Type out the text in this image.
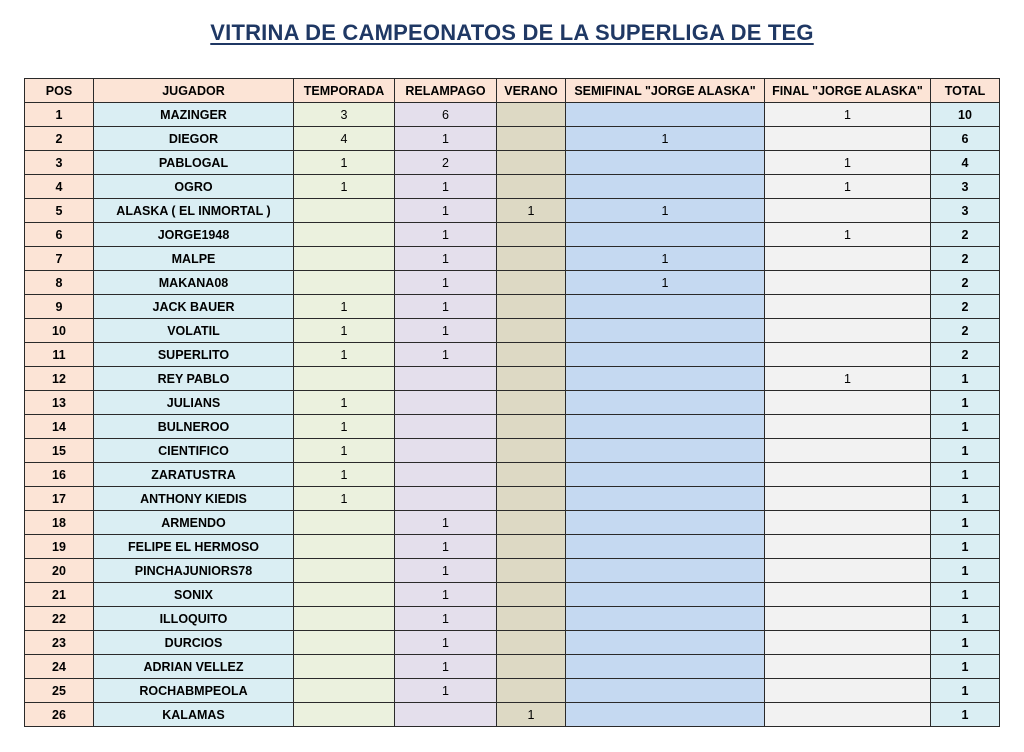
VITRINA DE CAMPEONATOS DE LA SUPERLIGA DE TEG
POS	JUGADOR	TEMPORADA	RELAMPAGO	VERANO	SEMIFINAL "JORGE ALASKA"	FINAL "JORGE ALASKA"	TOTAL
1	MAZINGER	3	6			1	10
2	DIEGOR	4	1		1		6
3	PABLOGAL	1	2			1	4
4	OGRO	1	1			1	3
5	ALASKA ( EL INMORTAL )		1	1	1		3
6	JORGE1948		1			1	2
7	MALPE		1		1		2
8	MAKANA08		1		1		2
9	JACK BAUER	1	1				2
10	VOLATIL	1	1				2
11	SUPERLITO	1	1				2
12	REY PABLO					1	1
13	JULIANS	1					1
14	BULNEROO	1					1
15	CIENTIFICO	1					1
16	ZARATUSTRA	1					1
17	ANTHONY KIEDIS	1					1
18	ARMENDO		1				1
19	FELIPE EL HERMOSO		1				1
20	PINCHAJUNIORS78		1				1
21	SONIX		1				1
22	ILLOQUITO		1				1
23	DURCIOS		1				1
24	ADRIAN VELLEZ		1				1
25	ROCHABMPEOLA		1				1
26	KALAMAS			1			1
